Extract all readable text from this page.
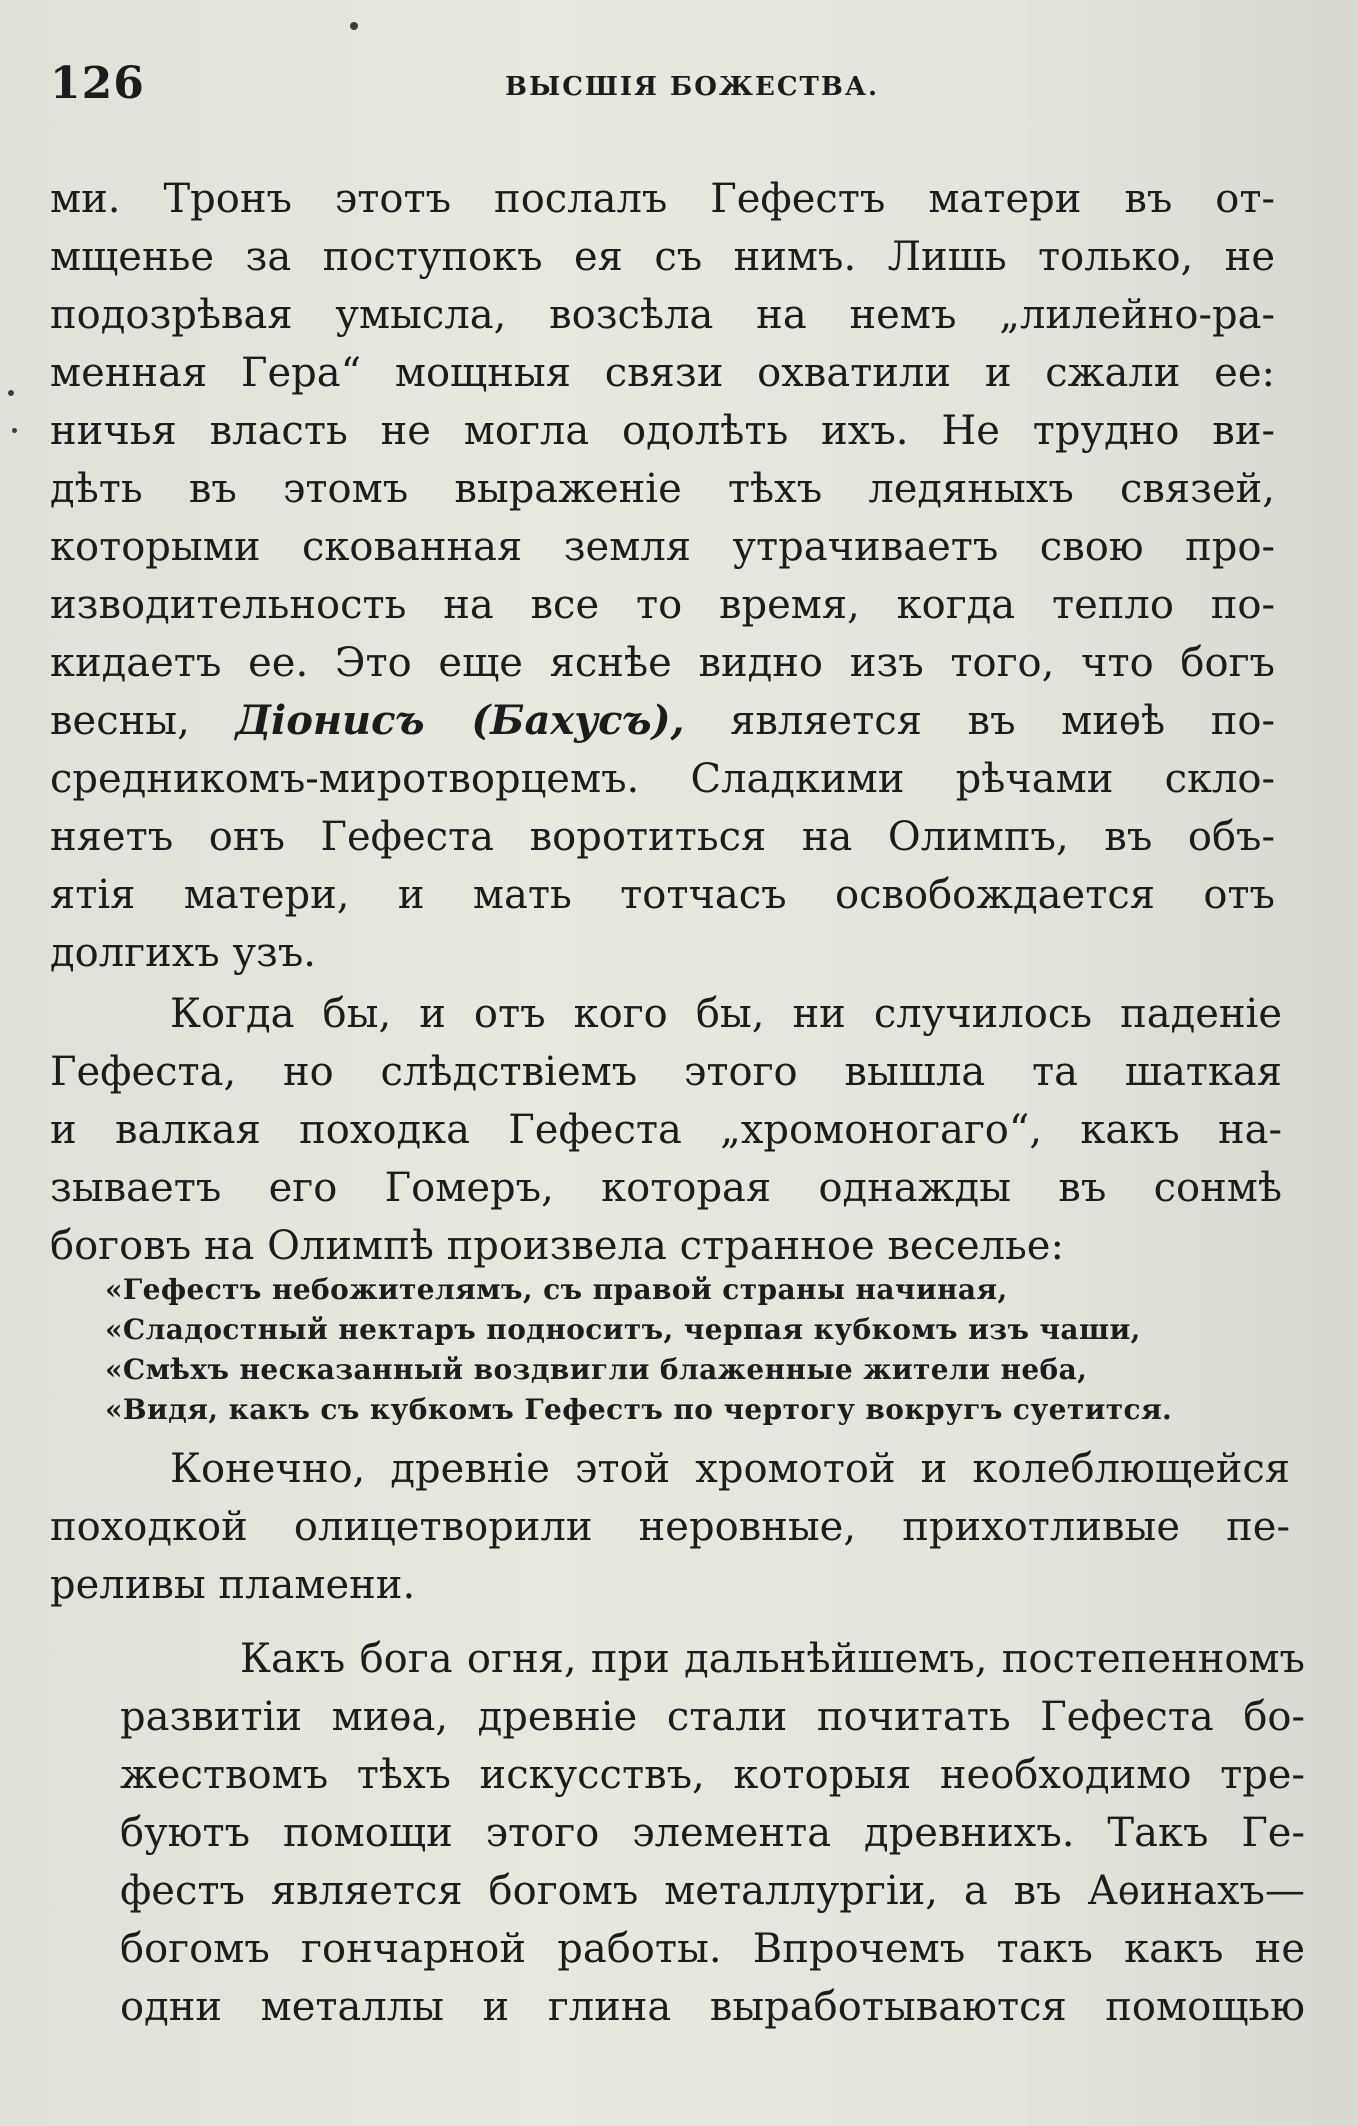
126	ВЫСШІЯ БОЖЕСТВА.
ми. Тронъ этотъ послалъ Гефестъ матери въ от-
мщенье за поступокъ ея съ нимъ. Лишь только, не
подозрѣвая умысла, возсѣла на немъ „лилейно-ра-
менная Гера“ мощныя связи охватили и сжали ее:
ничья власть не могла одолѣть ихъ. Не трудно ви-
дѣть въ этомъ выраженіе тѣхъ ледяныхъ связей,
которыми скованная земля утрачиваетъ свою про-
изводительность на все то время, когда тепло по-
кидаетъ ее. Это еще яснѣе видно изъ того, что богъ
весны, Діонисъ (Бахусъ), является въ миѳѣ по-
средникомъ-миротворцемъ. Сладкими рѣчами скло-
няетъ онъ Гефеста воротиться на Олимпъ, въ объ-
ятія матери, и мать тотчасъ освобождается отъ
долгихъ узъ.
Когда бы, и отъ кого бы, ни случилось паденіе
Гефеста, но слѣдствіемъ этого вышла та шаткая
и валкая походка Гефеста „хромоногаго“, какъ на-
зываетъ его Гомеръ, которая однажды въ сонмѣ
боговъ на Олимпѣ произвела странное веселье:
«Гефестъ небожителямъ, съ правой страны начиная,
«Сладостный нектаръ подноситъ, черпая кубкомъ изъ чаши,
«Смѣхъ несказанный воздвигли блаженные жители неба,
«Видя, какъ съ кубкомъ Гефестъ по чертогу вокругъ суетится.
Конечно, древніе этой хромотой и колеблющейся
походкой олицетворили неровные, прихотливые пе-
реливы пламени.
Какъ бога огня, при дальнѣйшемъ, постепенномъ
развитіи миѳа, древніе стали почитать Гефеста бо-
жествомъ тѣхъ искусствъ, которыя необходимо тре-
буютъ помощи этого элемента древнихъ. Такъ Ге-
фестъ является богомъ металлургіи, а въ Аѳинахъ—
богомъ гончарной работы. Впрочемъ такъ какъ не
одни металлы и глина выработываются помощью
